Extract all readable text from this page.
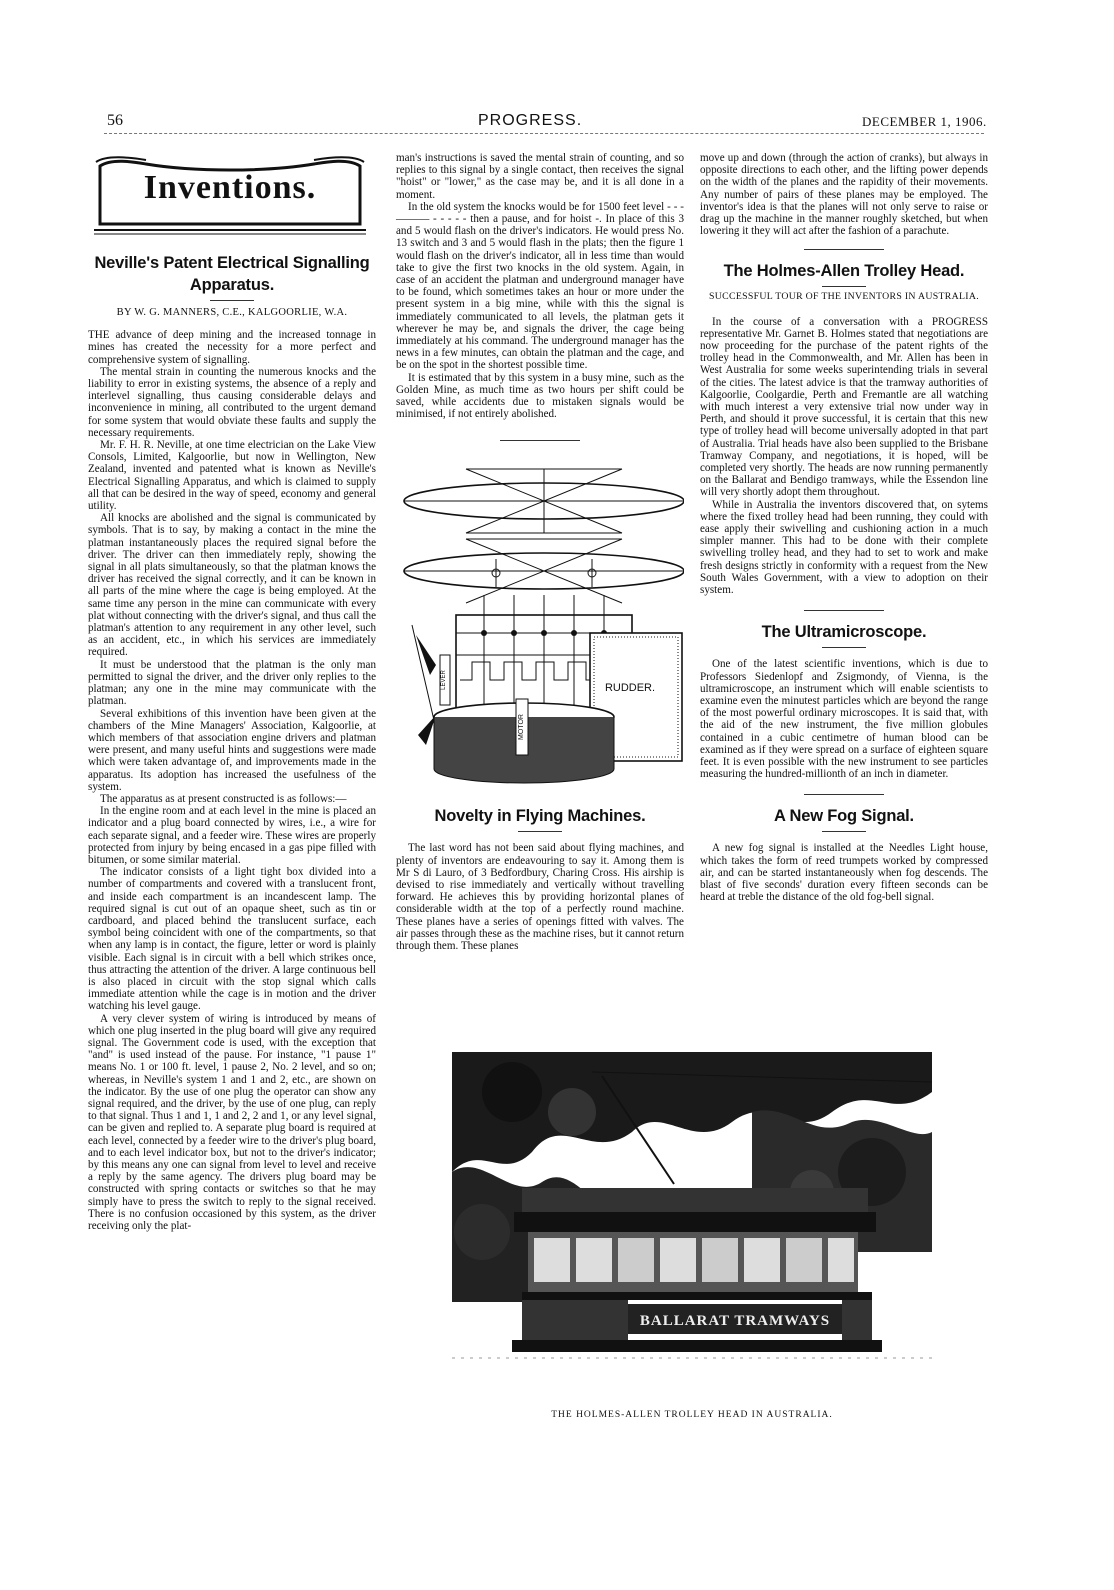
56	PROGRESS.	DECEMBER 1, 1906.
Inventions.
Neville's Patent Electrical Signalling Apparatus.
BY W. G. MANNERS, C.E., KALGOORLIE, W.A.

THE advance of deep mining and the increased tonnage in mines has created the necessity for a more perfect and comprehensive system of signalling.

The mental strain in counting the numerous knocks and the liability to error in existing systems, the absence of a reply and interlevel signalling, thus causing considerable delays and inconvenience in mining, all contributed to the urgent demand for some system that would obviate these faults and supply the necessary requirements.

Mr. F. H. R. Neville, at one time electrician on the Lake View Consols, Limited, Kalgoorlie, but now in Wellington, New Zealand, invented and patented what is known as Neville's Electrical Signalling Apparatus, and which is claimed to supply all that can be desired in the way of speed, economy and general utility.

All knocks are abolished and the signal is communicated by symbols. That is to say, by making a contact in the mine the platman instantaneously places the required signal before the driver. The driver can then immediately reply, showing the signal in all plats simultaneously, so that the platman knows the driver has received the signal correctly, and it can be known in all parts of the mine where the cage is being employed. At the same time any person in the mine can communicate with every plat without connecting with the driver's signal, and thus call the platman's attention to any requirement in any other level, such as an accident, etc., in which his services are immediately required.

It must be understood that the platman is the only man permitted to signal the driver, and the driver only replies to the platman; any one in the mine may communicate with the platman.

Several exhibitions of this invention have been given at the chambers of the Mine Managers' Association, Kalgoorlie, at which members of that association engine drivers and platman were present, and many useful hints and suggestions were made which were taken advantage of, and improvements made in the apparatus. Its adoption has increased the usefulness of the system.

The apparatus as at present constructed is as follows:—

In the engine room and at each level in the mine is placed an indicator and a plug board connected by wires, i.e., a wire for each separate signal, and a feeder wire. These wires are properly protected from injury by being encased in a gas pipe filled with bitumen, or some similar material.

The indicator consists of a light tight box divided into a number of compartments and covered with a translucent front, and inside each compartment is an incandescent lamp. The required signal is cut out of an opaque sheet, such as tin or cardboard, and placed behind the translucent surface, each symbol being coincident with one of the compartments, so that when any lamp is in contact, the figure, letter or word is plainly visible. Each signal is in circuit with a bell which strikes once, thus attracting the attention of the driver. A large continuous bell is also placed in circuit with the stop signal which calls immediate attention while the cage is in motion and the driver watching his level gauge.

A very clever system of wiring is introduced by means of which one plug inserted in the plug board will give any required signal. The Government code is used, with the exception that "and" is used instead of the pause. For instance, "1 pause 1" means No. 1 or 100 ft. level, 1 pause 2, No. 2 level, and so on; whereas, in Neville's system 1 and 1 and 2, etc., are shown on the indicator. By the use of one plug the operator can show any signal required, and the driver, by the use of one plug, can reply to that signal. Thus 1 and 1, 1 and 2, 2 and 1, or any level signal, can be given and replied to. A separate plug board is required at each level, connected by a feeder wire to the driver's plug board, and to each level indicator box, but not to the driver's indicator; by this means any one can signal from level to level and receive a reply by the same agency. The drivers plug board may be constructed with spring contacts or switches so that he may simply have to press the switch to reply to the signal received. There is no confusion occasioned by this system, as the driver receiving only the plat-

man's instructions is saved the mental strain of counting, and so replies to this signal by a single contact, then receives the signal "hoist" or "lower," as the case may be, and it is all done in a moment.

In the old system the knocks would be for 1500 feet level - - - ——— - - - - - then a pause, and for hoist -. In place of this 3 and 5 would flash on the driver's indicators. He would press No. 13 switch and 3 and 5 would flash in the plats; then the figure 1 would flash on the driver's indicator, all in less time than would take to give the first two knocks in the old system. Again, in case of an accident the platman and underground manager have to be found, which sometimes takes an hour or more under the present system in a big mine, while with this the signal is immediately communicated to all levels, the platman gets it wherever he may be, and signals the driver, the cage being immediately at his command. The underground manager has the news in a few minutes, can obtain the platman and the cage, and be on the spot in the shortest possible time.

It is estimated that by this system in a busy mine, such as the Golden Mine, as much time as two hours per shift could be saved, while accidents due to mistaken signals would be minimised, if not entirely abolished.

LEVER	RUDDER.
MOTOR
Novelty in Flying Machines.

The last word has not been said about flying machines, and plenty of inventors are endeavouring to say it. Among them is Mr S di Lauro, of 3 Bedfordbury, Charing Cross. His airship is devised to rise immediately and vertically without travelling forward. He achieves this by providing horizontal planes of considerable width at the top of a perfectly round machine. These planes have a series of openings fitted with valves. The air passes through these as the machine rises, but it cannot return through them. These planes

move up and down (through the action of cranks), but always in opposite directions to each other, and the lifting power depends on the width of the planes and the rapidity of their movements. Any number of pairs of these planes may be employed. The inventor's idea is that the planes will not only serve to raise or drag up the machine in the manner roughly sketched, but when lowering it they will act after the fashion of a parachute.

The Holmes-Allen Trolley Head.
SUCCESSFUL TOUR OF THE INVENTORS IN AUSTRALIA.

In the course of a conversation with a PROGRESS representative Mr. Garnet B. Holmes stated that negotiations are now proceeding for the purchase of the patent rights of the trolley head in the Commonwealth, and Mr. Allen has been in West Australia for some weeks superintending trials in several of the cities. The latest advice is that the tramway authorities of Kalgoorlie, Coolgardie, Perth and Fremantle are all watching with much interest a very extensive trial now under way in Perth, and should it prove successful, it is certain that this new type of trolley head will become universally adopted in that part of Australia. Trial heads have also been supplied to the Brisbane Tramway Company, and negotiations, it is hoped, will be completed very shortly. The heads are now running permanently on the Ballarat and Bendigo tramways, while the Essendon line will very shortly adopt them throughout.

While in Australia the inventors discovered that, on sytems where the fixed trolley head had been running, they could with ease apply their swivelling and cushioning action in a much simpler manner. This had to be done with their complete swivelling trolley head, and they had to set to work and make fresh designs strictly in conformity with a request from the New South Wales Government, with a view to adoption on their system.

The Ultramicroscope.

One of the latest scientific inventions, which is due to Professors Siedenlopf and Zsigmondy, of Vienna, is the ultramicroscope, an instrument which will enable scientists to examine even the minutest particles which are beyond the range of the most powerful ordinary microscopes. It is said that, with the aid of the new instrument, the five million globules contained in a cubic centimetre of human blood can be examined as if they were spread on a surface of eighteen square feet. It is even possible with the new instrument to see particles measuring the hundred-millionth of an inch in diameter.

A New Fog Signal.

A new fog signal is installed at the Needles Light house, which takes the form of reed trumpets worked by compressed air, and can be started instantaneously when fog descends. The blast of five seconds' duration every fifteen seconds can be heard at treble the distance of the old fog-bell signal.

BALLARAT TRAMWAYS
THE HOLMES-ALLEN TROLLEY HEAD IN AUSTRALIA.
